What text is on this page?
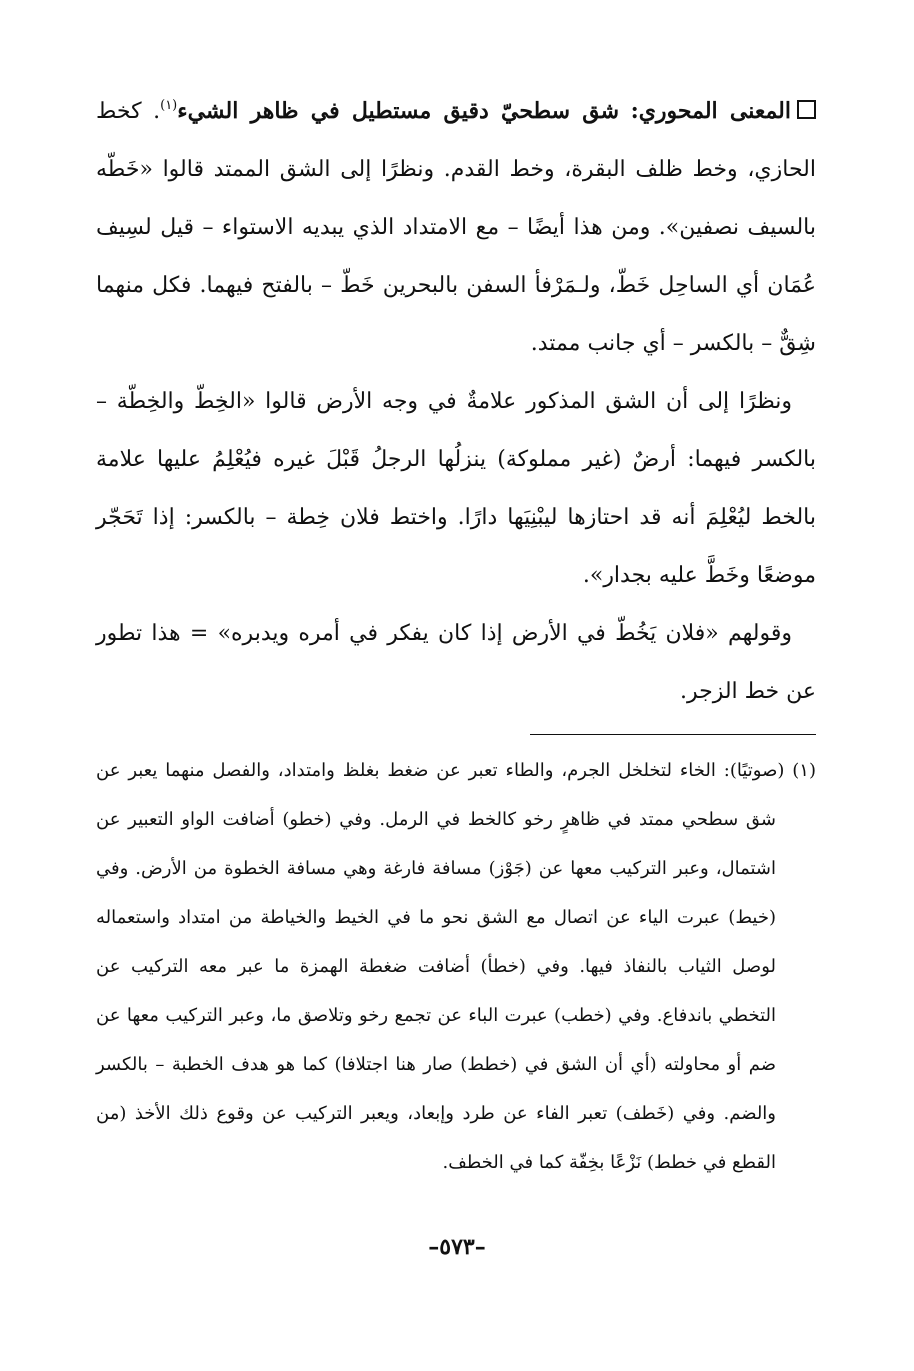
المعنى المحوري: شق سطحيّ دقيق مستطيل في ظاهر الشيء$^{(١)}$. كخط الحازي، وخط ظلف البقرة، وخط القدم. ونظرًا إلى الشق الممتد قالوا «خَطّه بالسيف نصفين». ومن هذا أيضًا – مع الامتداد الذي يبديه الاستواء – قيل لسِيف عُمَان أي الساحِل خَطّ، ولـمَرْفأ السفن بالبحرين خَطّ – بالفتح فيهما. فكل منهما شِقٌّ – بالكسر – أي جانب ممتد.

ونظرًا إلى أن الشق المذكور علامةٌ في وجه الأرض قالوا «الخِطّ والخِطّة – بالكسر فيهما: أرضٌ (غير مملوكة) ينزلُها الرجلُ قَبْلَ غيره فيُعْلِمُ عليها علامة بالخط ليُعْلِمَ أنه قد احتازها ليبْنِيَها دارًا. واختط فلان خِطة – بالكسر: إذا تَحَجّر موضعًا وخَطَّ عليه بجدار».

وقولهم «فلان يَخُطّ في الأرض إذا كان يفكر في أمره ويدبره» = هذا تطور عن خط الزجر.

(١) (صوتيًا): الخاء لتخلخل الجرم، والطاء تعبر عن ضغط بغلظ وامتداد، والفصل منهما يعبر عن شق سطحي ممتد في ظاهرٍ رخو كالخط في الرمل. وفي (خطو) أضافت الواو التعبير عن اشتمال، وعبر التركيب معها عن (جَوْز) مسافة فارغة وهي مسافة الخطوة من الأرض. وفي (خيط) عبرت الياء عن اتصال مع الشق نحو ما في الخيط والخياطة من امتداد واستعماله لوصل الثياب بالنفاذ فيها. وفي (خطأ) أضافت ضغطة الهمزة ما عبر معه التركيب عن التخطي باندفاع. وفي (خطب) عبرت الباء عن تجمع رخو وتلاصق ما، وعبر التركيب معها عن ضم أو محاولته (أي أن الشق في (خطط) صار هنا اجتلافا) كما هو هدف الخطبة – بالكسر والضم. وفي (خَطف) تعبر الفاء عن طرد وإبعاد، ويعبر التركيب عن وقوع ذلك الأخذ (من القطع في خطط) نَزْعًا بخِفّة كما في الخطف.

–٥٧٣–
